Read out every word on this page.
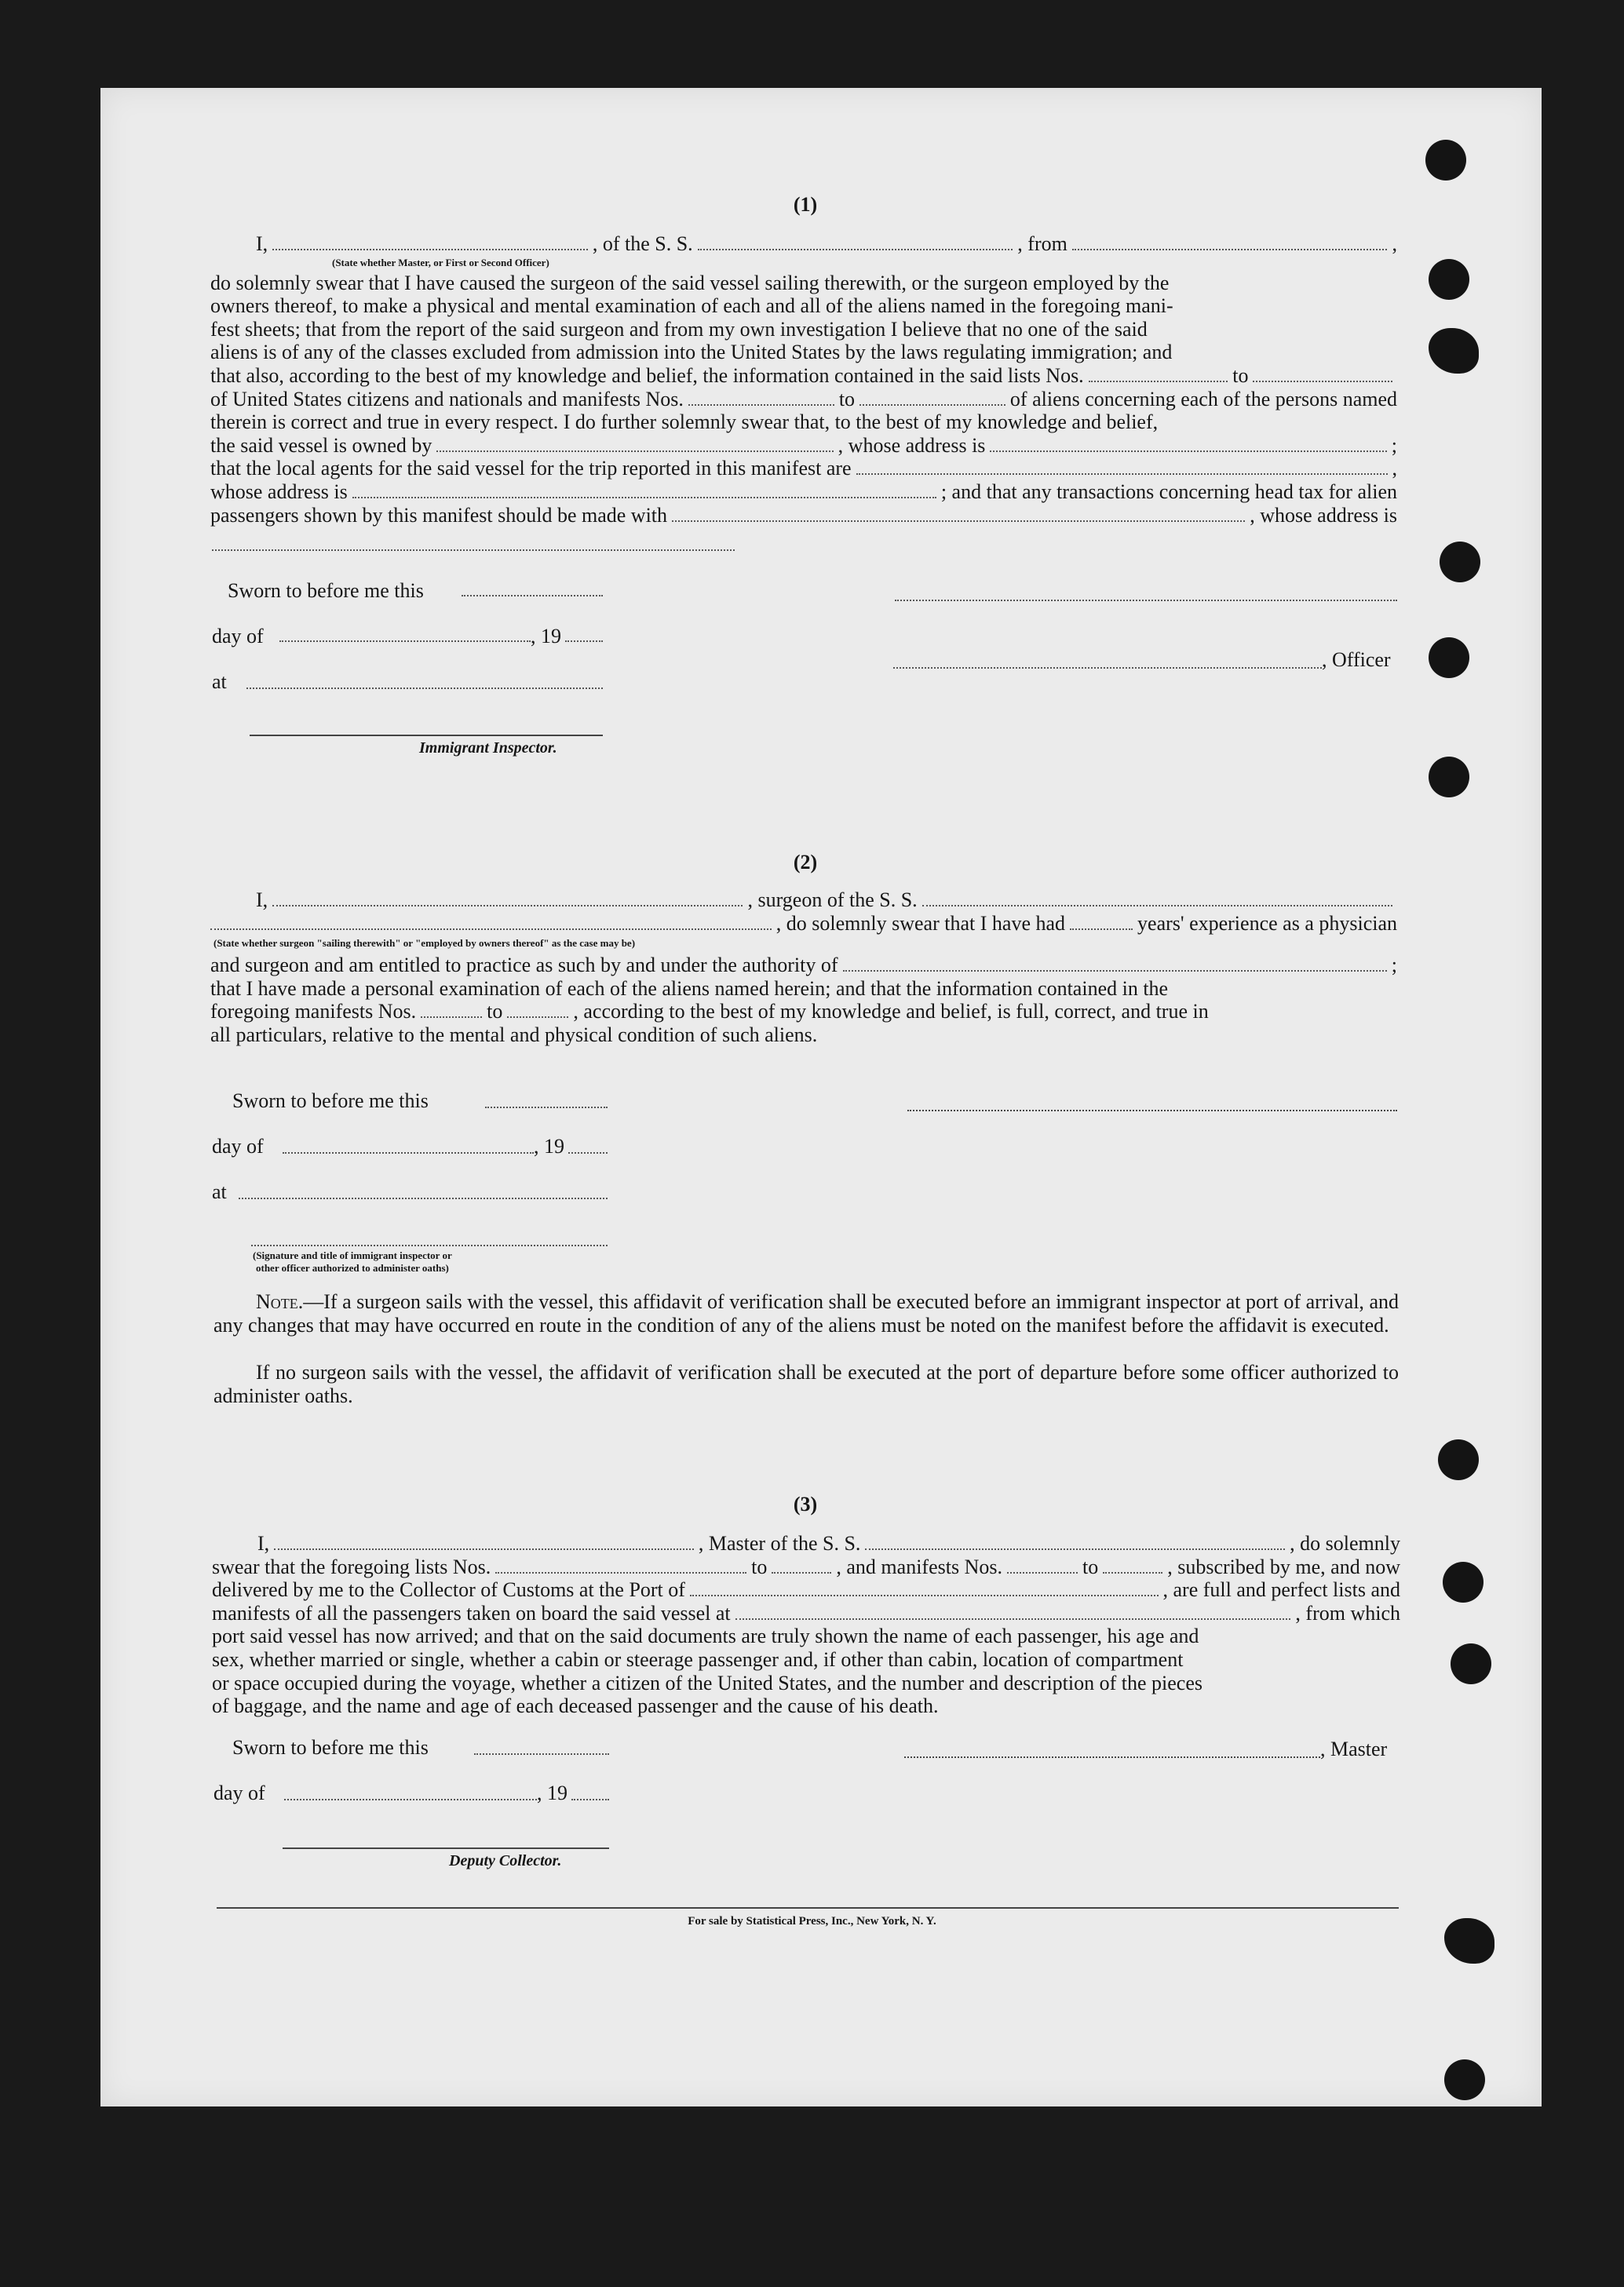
(1)
I,	, of the S. S.	, from	,
(State whether Master, or First or Second Officer)
do solemnly swear that I have caused the surgeon of the said vessel sailing therewith, or the surgeon employed by the
owners thereof, to make a physical and mental examination of each and all of the aliens named in the foregoing mani-
fest sheets; that from the report of the said surgeon and from my own investigation I believe that no one of the said
aliens is of any of the classes excluded from admission into the United States by the laws regulating immigration; and
that also, according to the best of my knowledge and belief, the information contained in the said lists Nos.	to
of United States citizens and nationals and manifests Nos.	to	of aliens concerning each of the persons named
therein is correct and true in every respect. I do further solemnly swear that, to the best of my knowledge and belief,
the said vessel is owned by	, whose address is	;
that the local agents for the said vessel for the trip reported in this manifest are	,
whose address is	; and that any transactions concerning head tax for alien
passengers shown by this manifest should be made with	, whose address is
Sworn to before me this
day of	, 19
, Officer
at
Immigrant Inspector.
(2)
I,	, surgeon of the S. S.
, do solemnly swear that I have had	years' experience as a physician
(State whether surgeon "sailing therewith" or "employed by owners thereof" as the case may be)
and surgeon and am entitled to practice as such by and under the authority of	;
that I have made a personal examination of each of the aliens named herein; and that the information contained in the
foregoing manifests Nos.	to	, according to the best of my knowledge and belief, is full, correct, and true in
all particulars, relative to the mental and physical condition of such aliens.
Sworn to before me this
day of	, 19
at
(Signature and title of immigrant inspector or
other officer authorized to administer oaths)
Note.—If a surgeon sails with the vessel, this affidavit of verification shall be executed before an immigrant inspector at port of arrival, and any changes that may have occurred en route in the condition of any of the aliens must be noted on the manifest before the affidavit is executed.
If no surgeon sails with the vessel, the affidavit of verification shall be executed at the port of departure before some officer authorized to administer oaths.
(3)
I,	, Master of the S. S.	, do solemnly
swear that the foregoing lists Nos.	to	, and manifests Nos.	to	, subscribed by me, and now
delivered by me to the Collector of Customs at the Port of	, are full and perfect lists and
manifests of all the passengers taken on board the said vessel at	, from which
port said vessel has now arrived; and that on the said documents are truly shown the name of each passenger, his age and
sex, whether married or single, whether a cabin or steerage passenger and, if other than cabin, location of compartment
or space occupied during the voyage, whether a citizen of the United States, and the number and description of the pieces
of baggage, and the name and age of each deceased passenger and the cause of his death.
Sworn to before me this	, Master
day of	, 19
Deputy Collector.
For sale by Statistical Press, Inc., New York, N. Y.
